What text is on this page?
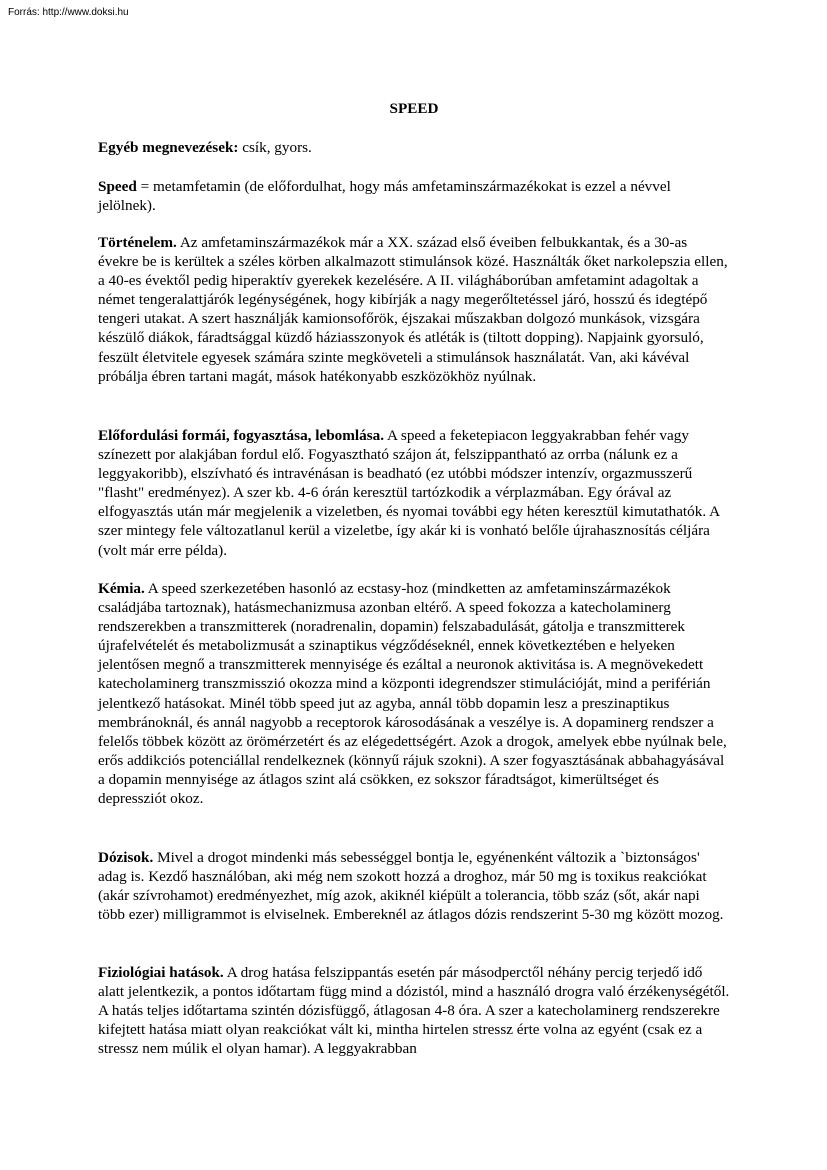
Forrás: http://www.doksi.hu
SPEED

Egyéb megnevezések: csík, gyors.

Speed = metamfetamin (de előfordulhat, hogy más amfetaminszármazékokat is ezzel a névvel jelölnek).

Történelem. Az amfetaminszármazékok már a XX. század első éveiben felbukkantak, és a 30-as évekre be is kerültek a széles körben alkalmazott stimulánsok közé. Használták őket narkolepszia ellen, a 40-es évektől pedig hiperaktív gyerekek kezelésére. A II. világháborúban amfetamint adagoltak a német tengeralattjárók legénységének, hogy kibírják a nagy megerőltetéssel járó, hosszú és idegtépő tengeri utakat. A szert használják kamionsofőrök, éjszakai műszakban dolgozó munkások, vizsgára készülő diákok, fáradtsággal küzdő háziasszonyok és atléták is (tiltott dopping). Napjaink gyorsuló, feszült életvitele egyesek számára szinte megköveteli a stimulánsok használatát. Van, aki kávéval próbálja ébren tartani magát, mások hatékonyabb eszközökhöz nyúlnak.

Előfordulási formái, fogyasztása, lebomlása. A speed a feketepiacon leggyakrabban fehér vagy színezett por alakjában fordul elő. Fogyasztható szájon át, felszippantható az orrba (nálunk ez a leggyakoribb), elszívható és intravénásan is beadható (ez utóbbi módszer intenzív, orgazmusszerű "flasht" eredményez). A szer kb. 4-6 órán keresztül tartózkodik a vérplazmában. Egy órával az elfogyasztás után már megjelenik a vizeletben, és nyomai további egy héten keresztül kimutathatók. A szer mintegy fele változatlanul kerül a vizeletbe, így akár ki is vonható belőle újrahasznosítás céljára (volt már erre példa).

Kémia. A speed szerkezetében hasonló az ecstasy-hoz (mindketten az amfetaminszármazékok családjába tartoznak), hatásmechanizmusa azonban eltérő. A speed fokozza a katecholaminerg rendszerekben a transzmitterek (noradrenalin, dopamin) felszabadulását, gátolja e transzmitterek újrafelvételét és metabolizmusát a szinaptikus végződéseknél, ennek következtében e helyeken jelentősen megnő a transzmitterek mennyisége és ezáltal a neuronok aktivitása is. A megnövekedett katecholaminerg transzmisszió okozza mind a központi idegrendszer stimulációját, mind a periférián jelentkező hatásokat. Minél több speed jut az agyba, annál több dopamin lesz a preszinaptikus membránoknál, és annál nagyobb a receptorok károsodásának a veszélye is. A dopaminerg rendszer a felelős többek között az örömérzetért és az elégedettségért. Azok a drogok, amelyek ebbe nyúlnak bele, erős addikciós potenciállal rendelkeznek (könnyű rájuk szokni). A szer fogyasztásának abbahagyásával a dopamin mennyisége az átlagos szint alá csökken, ez sokszor fáradtságot, kimerültséget és depressziót okoz.

Dózisok. Mivel a drogot mindenki más sebességgel bontja le, egyénenként változik a `biztonságos' adag is. Kezdő használóban, aki még nem szokott hozzá a droghoz, már 50 mg is toxikus reakciókat (akár szívrohamot) eredményezhet, míg azok, akiknél kiépült a tolerancia, több száz (sőt, akár napi több ezer) milligrammot is elviselnek. Embereknél az átlagos dózis rendszerint 5-30 mg között mozog.

Fiziológiai hatások. A drog hatása felszippantás esetén pár másodperctől néhány percig terjedő idő alatt jelentkezik, a pontos időtartam függ mind a dózistól, mind a használó drogra való érzékenységétől. A hatás teljes időtartama szintén dózisfüggő, átlagosan 4-8 óra. A szer a katecholaminerg rendszerekre kifejtett hatása miatt olyan reakciókat vált ki, mintha hirtelen stressz érte volna az egyént (csak ez a stressz nem múlik el olyan hamar). A leggyakrabban
